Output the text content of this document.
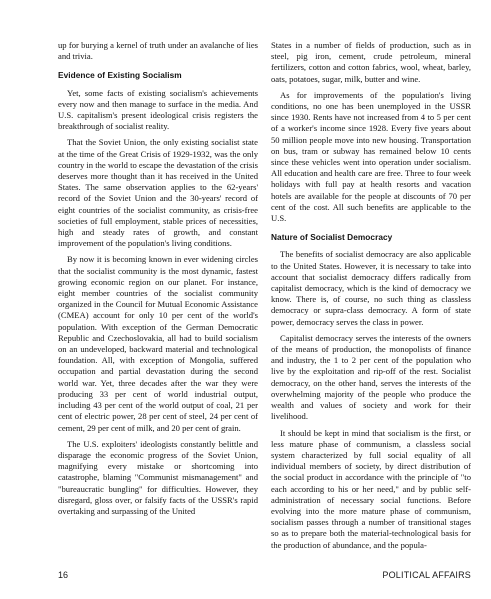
up for burying a kernel of truth under an avalanche of lies and trivia.

Evidence of Existing Socialism

Yet, some facts of existing socialism's achievements every now and then manage to surface in the media. And U.S. capitalism's present ideological crisis registers the breakthrough of socialist reality.

That the Soviet Union, the only existing socialist state at the time of the Great Crisis of 1929-1932, was the only country in the world to escape the devastation of the crisis deserves more thought than it has received in the United States. The same observation applies to the 62-years' record of the Soviet Union and the 30-years' record of eight countries of the socialist community, as crisis-free societies of full employment, stable prices of necessities, high and steady rates of growth, and constant improvement of the population's living conditions.

By now it is becoming known in ever widening circles that the socialist community is the most dynamic, fastest growing economic region on our planet. For instance, eight member countries of the socialist community organized in the Council for Mutual Economic Assistance (CMEA) account for only 10 per cent of the world's population. With exception of the German Democratic Republic and Czechoslovakia, all had to build socialism on an undeveloped, backward material and technological foundation. All, with exception of Mongolia, suffered occupation and partial devastation during the second world war. Yet, three decades after the war they were producing 33 per cent of world industrial output, including 43 per cent of the world output of coal, 21 per cent of electric power, 28 per cent of steel, 24 per cent of cement, 29 per cent of milk, and 20 per cent of grain.

The U.S. exploiters' ideologists constantly belittle and disparage the economic progress of the Soviet Union, magnifying every mistake or shortcoming into catastrophe, blaming "Communist mismanagement" and "bureaucratic bungling" for difficulties. However, they disregard, gloss over, or falsify facts of the USSR's rapid overtaking and surpassing of the United

States in a number of fields of production, such as in steel, pig iron, cement, crude petroleum, mineral fertilizers, cotton and cotton fabrics, wool, wheat, barley, oats, potatoes, sugar, milk, butter and wine.

As for improvements of the population's living conditions, no one has been unemployed in the USSR since 1930. Rents have not increased from 4 to 5 per cent of a worker's income since 1928. Every five years about 50 million people move into new housing. Transportation on bus, tram or subway has remained below 10 cents since these vehicles went into operation under socialism. All education and health care are free. Three to four week holidays with full pay at health resorts and vacation hotels are available for the people at discounts of 70 per cent of the cost. All such benefits are applicable to the U.S.

Nature of Socialist Democracy

The benefits of socialist democracy are also applicable to the United States. However, it is necessary to take into account that socialist democracy differs radically from capitalist democracy, which is the kind of democracy we know. There is, of course, no such thing as classless democracy or supra-class democracy. A form of state power, democracy serves the class in power.

Capitalist democracy serves the interests of the owners of the means of production, the monopolists of finance and industry, the 1 to 2 per cent of the population who live by the exploitation and rip-off of the rest. Socialist democracy, on the other hand, serves the interests of the overwhelming majority of the people who produce the wealth and values of society and work for their livelihood.

It should be kept in mind that socialism is the first, or less mature phase of communism, a classless social system characterized by full social equality of all individual members of society, by direct distribution of the social product in accordance with the principle of "to each according to his or her need," and by public self-administration of necessary social functions. Before evolving into the more mature phase of communism, socialism passes through a number of transitional stages so as to prepare both the material-technological basis for the production of abundance, and the popula-

16	POLITICAL AFFAIRS
